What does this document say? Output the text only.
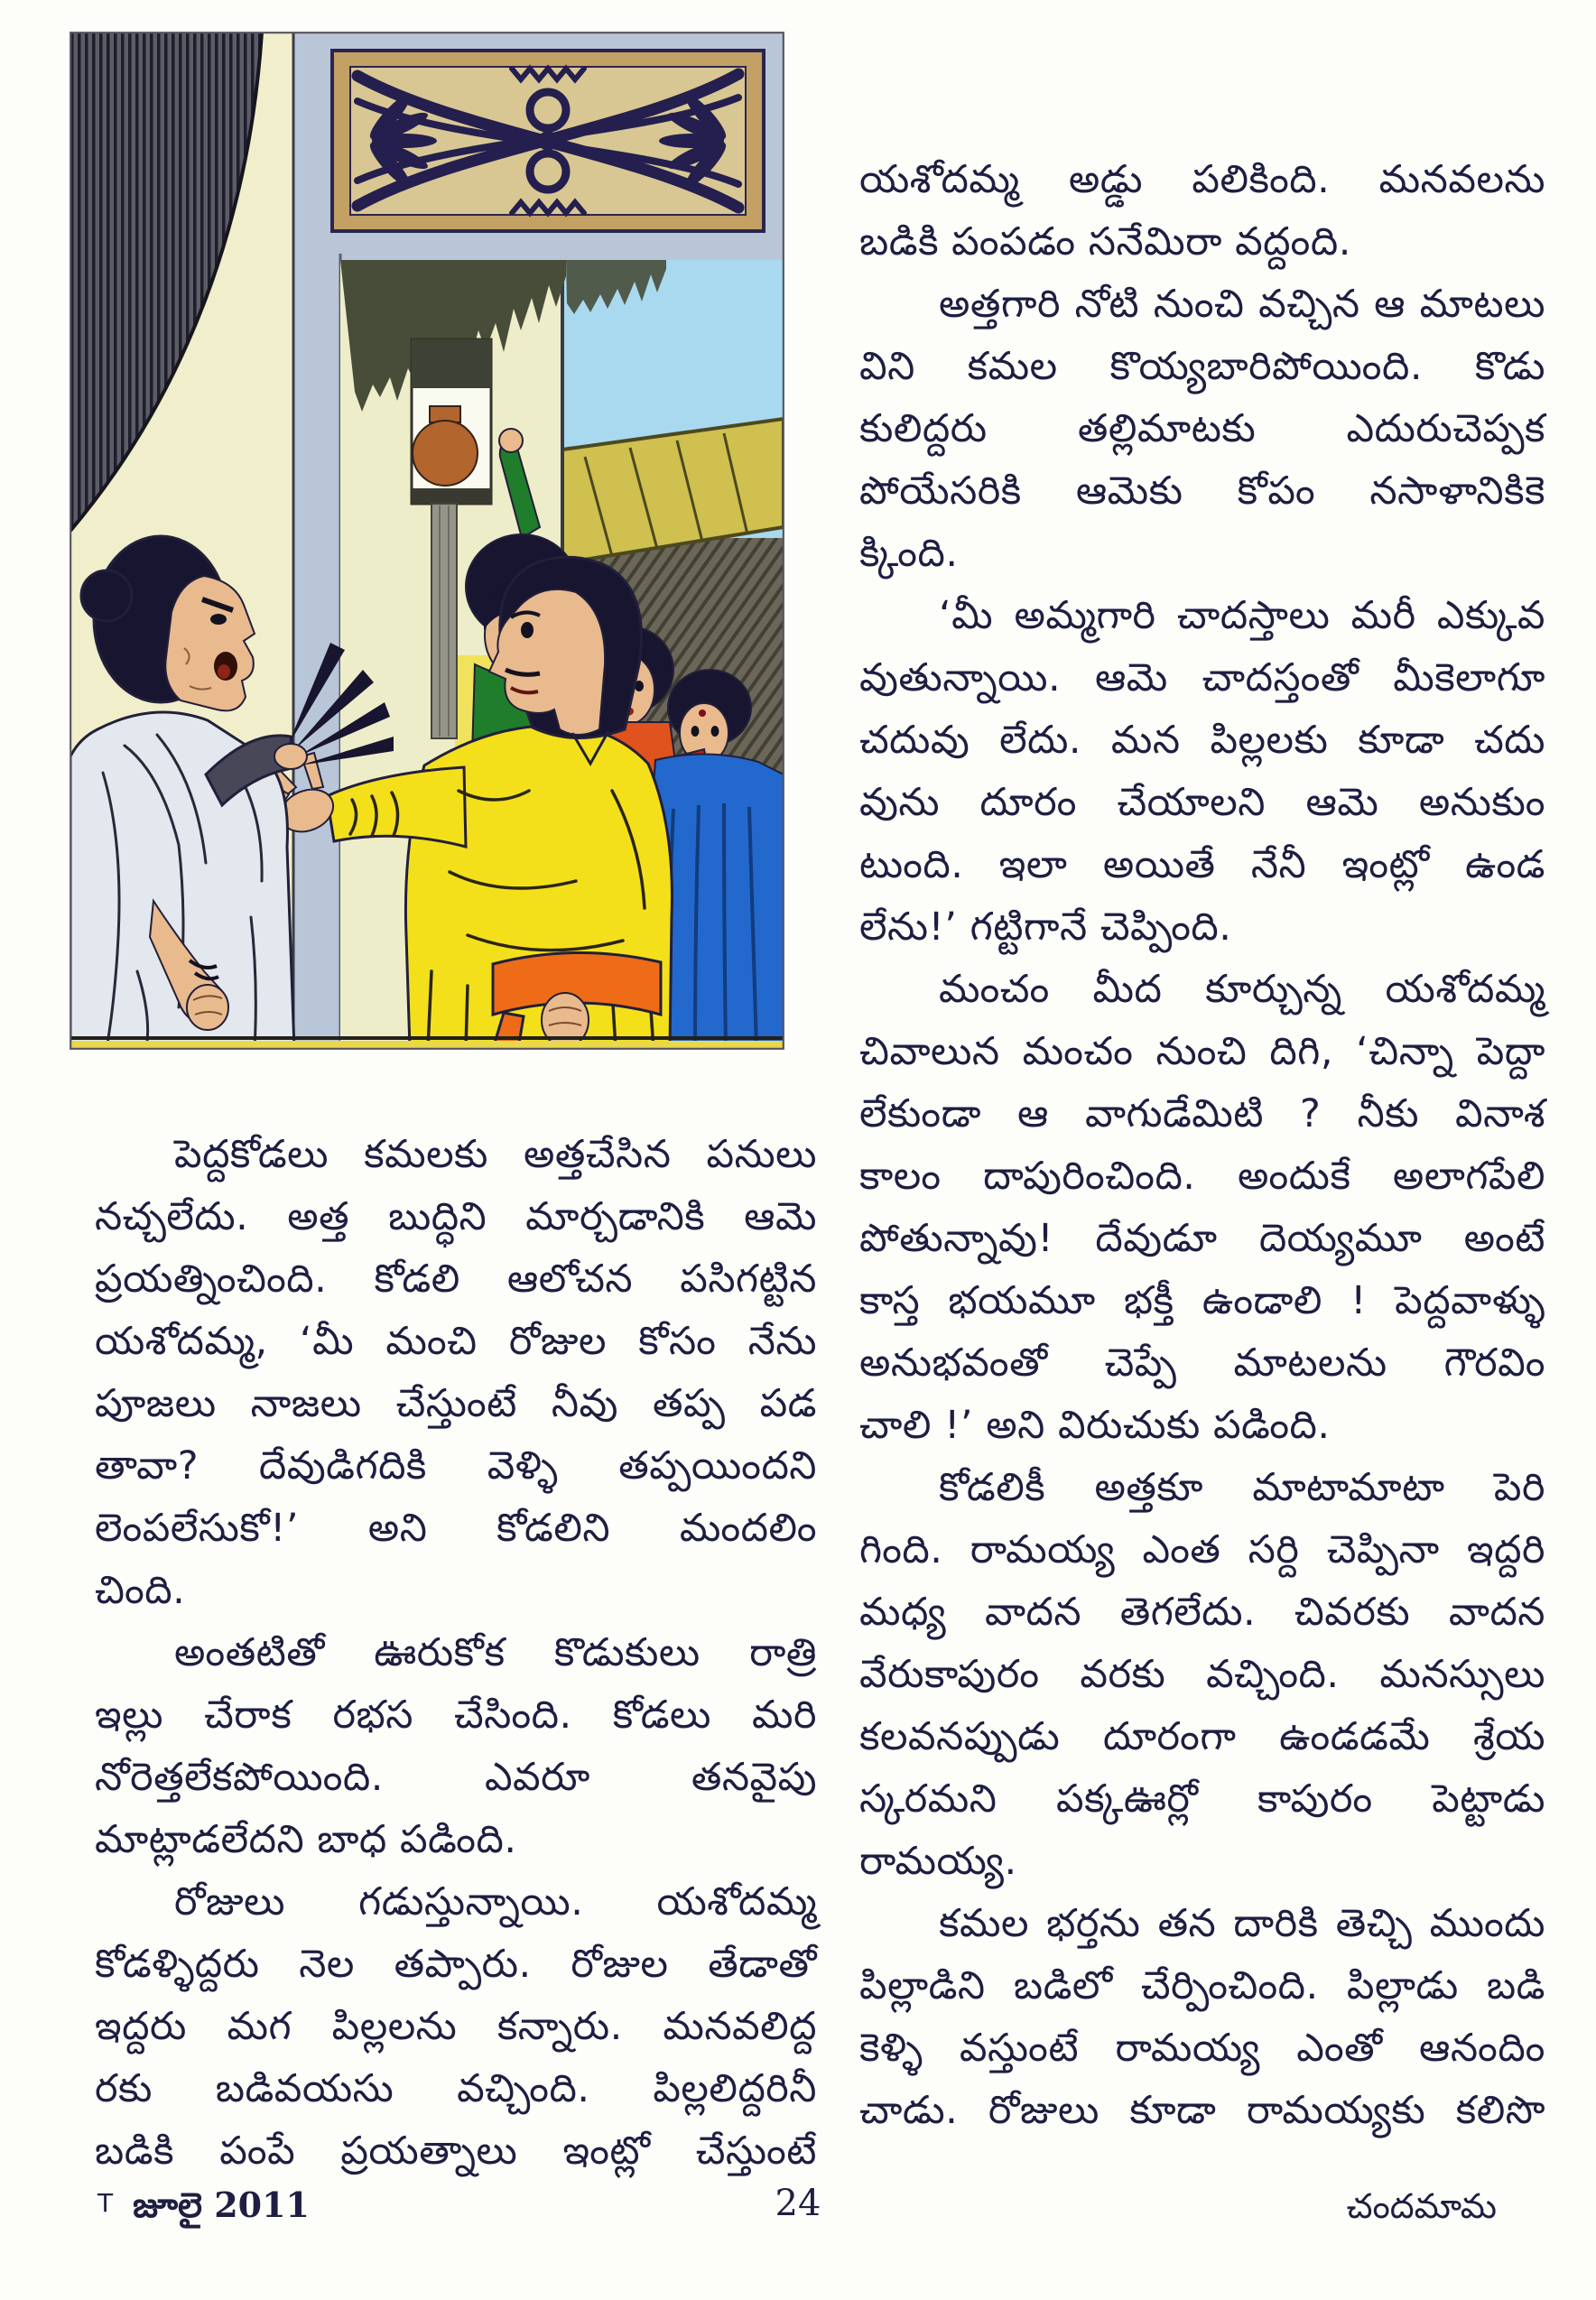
పెద్దకోడలు కమలకు అత్తచేసిన పనులు
నచ్చలేదు. అత్త బుద్ధిని మార్చడానికి ఆమె
ప్రయత్నించింది. కోడలి ఆలోచన పసిగట్టిన
యశోదమ్మ, ‘మీ మంచి రోజుల కోసం నేను
పూజలు నాజలు చేస్తుంటే నీవు తప్ప పడ
తావా? దేవుడిగదికి వెళ్ళి తప్పయిందని
లెంపలేసుకో!’ అని కోడలిని మందలిం
చింది.
అంతటితో ఊరుకోక కొడుకులు రాత్రి
ఇల్లు చేరాక రభస చేసింది. కోడలు మరి
నోరెత్తలేకపోయింది. ఎవరూ తనవైపు
మాట్లాడలేదని బాధ పడింది.
రోజులు గడుస్తున్నాయి. యశోదమ్మ
కోడళ్ళిద్దరు నెల తప్పారు. రోజుల తేడాతో
ఇద్దరు మగ పిల్లలను కన్నారు. మనవలిద్ద
రకు బడివయసు వచ్చింది. పిల్లలిద్దరినీ
బడికి పంపే ప్రయత్నాలు ఇంట్లో చేస్తుంటే
యశోదమ్మ అడ్డు పలికింది. మనవలను
బడికి పంపడం సనేమిరా వద్దంది.
అత్తగారి నోటి నుంచి వచ్చిన ఆ మాటలు
విని కమల కొయ్యబారిపోయింది. కొడు
కులిద్దరు తల్లిమాటకు ఎదురుచెప్పక
పోయేసరికి ఆమెకు కోపం నసాళానికికె
క్కింది.
‘మీ అమ్మగారి చాదస్తాలు మరీ ఎక్కువ
వుతున్నాయి. ఆమె చాదస్తంతో మీకెలాగూ
చదువు లేదు. మన పిల్లలకు కూడా చదు
వును దూరం చేయాలని ఆమె అనుకుం
టుంది. ఇలా అయితే నేనీ ఇంట్లో ఉండ
లేను!’ గట్టిగానే చెప్పింది.
మంచం మీద కూర్చున్న యశోదమ్మ
చివాలున మంచం నుంచి దిగి, ‘చిన్నా పెద్దా
లేకుండా ఆ వాగుడేమిటి ? నీకు వినాశ
కాలం దాపురించింది. అందుకే అలాగపేలి
పోతున్నావు! దేవుడూ దెయ్యమూ అంటే
కాస్త భయమూ భక్తీ ఉండాలి ! పెద్దవాళ్ళు
అనుభవంతో చెప్పే మాటలను గౌరవిం
చాలి !’ అని విరుచుకు పడింది.
కోడలికీ అత్తకూ మాటామాటా పెరి
గింది. రామయ్య ఎంత సర్ది చెప్పినా ఇద్దరి
మధ్య వాదన తెగలేదు. చివరకు వాదన
వేరుకాపురం వరకు వచ్చింది. మనస్సులు
కలవనప్పుడు దూరంగా ఉండడమే శ్రేయ
స్కరమని పక్కఊర్లో కాపురం పెట్టాడు
రామయ్య.
కమల భర్తను తన దారికి తెచ్చి ముందు
పిల్లాడిని బడిలో చేర్పించింది. పిల్లాడు బడి
కెళ్ళి వస్తుంటే రామయ్య ఎంతో ఆనందిం
చాడు. రోజులు కూడా రామయ్యకు కలిసొ
T జూలై 2011	24	చందమామ
